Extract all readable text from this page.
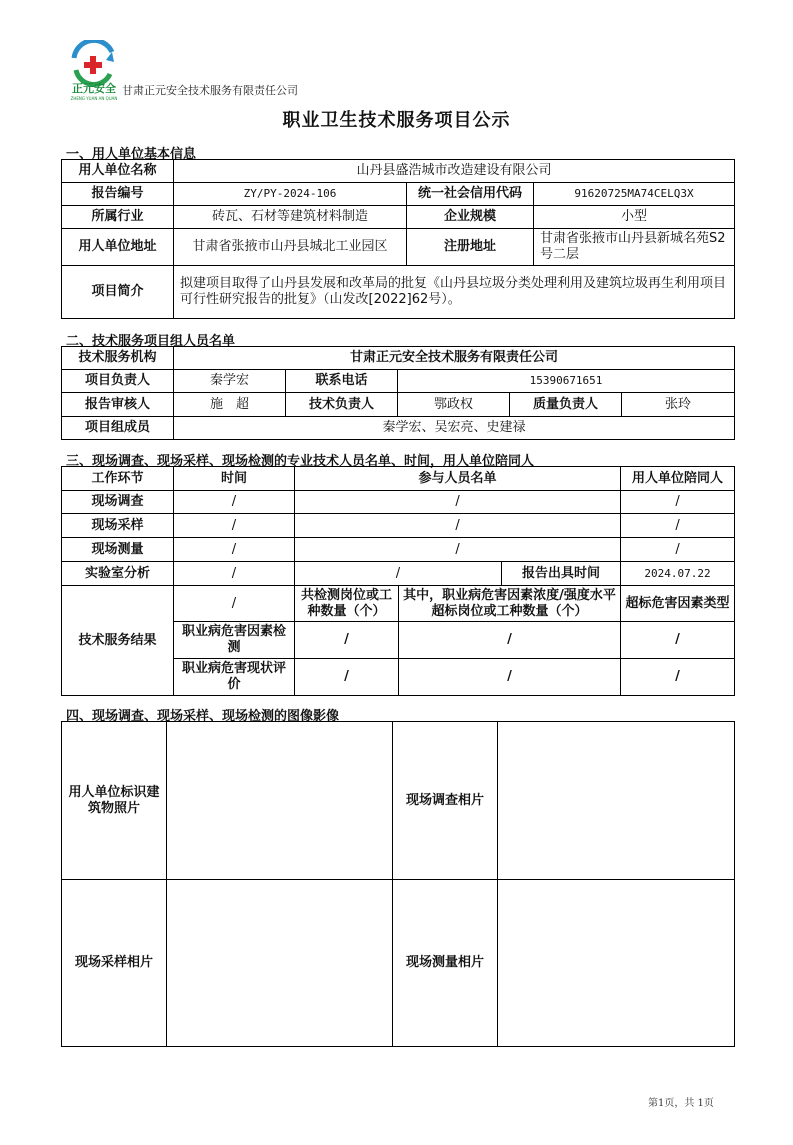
正元安全
ZHENG YUAN AN QUAN
甘肃正元安全技术服务有限责任公司
职业卫生技术服务项目公示
一、用人单位基本信息
用人单位名称	山丹县盛浩城市改造建设有限公司		
报告编号	ZY/PY-2024-106	统一社会信用代码	91620725MA74CELQ3X
所属行业	砖瓦、石材等建筑材料制造	企业规模	小型
用人单位地址	甘肃省张掖市山丹县城北工业园区	注册地址	甘肃省张掖市山丹县新城名苑S2号二层
项目简介	拟建项目取得了山丹县发展和改革局的批复《山丹县垃圾分类处理利用及建筑垃圾再生利用项目可行性研究报告的批复》（山发改[2022]62号）。		
二、技术服务项目组人员名单
技术服务机构	甘肃正元安全技术服务有限责任公司				
项目负责人	秦学宏	联系电话	15390671651		
报告审核人	施　超	技术负责人	鄂政权	质量负责人	张玲
项目组成员	秦学宏、吴宏亮、史建禄				
三、现场调查、现场采样、现场检测的专业技术人员名单、时间，用人单位陪同人
工作环节	时间	参与人员名单			用人单位陪同人
现场调查	/	/			/
现场采样	/	/			/
现场测量	/	/			/
实验室分析	/	/		报告出具时间	2024.07.22
技术服务结果	/	共检测岗位或工种数量（个）	其中，职业病危害因素浓度/强度水平超标岗位或工种数量（个）		超标危害因素类型
	职业病危害因素检测	/	/		/
	职业病危害现状评价	/	/		/
四、现场调查、现场采样、现场检测的图像影像
用人单位标识建筑物照片		现场调查相片	
现场采样相片		现场测量相片	
第1页，共 1页
